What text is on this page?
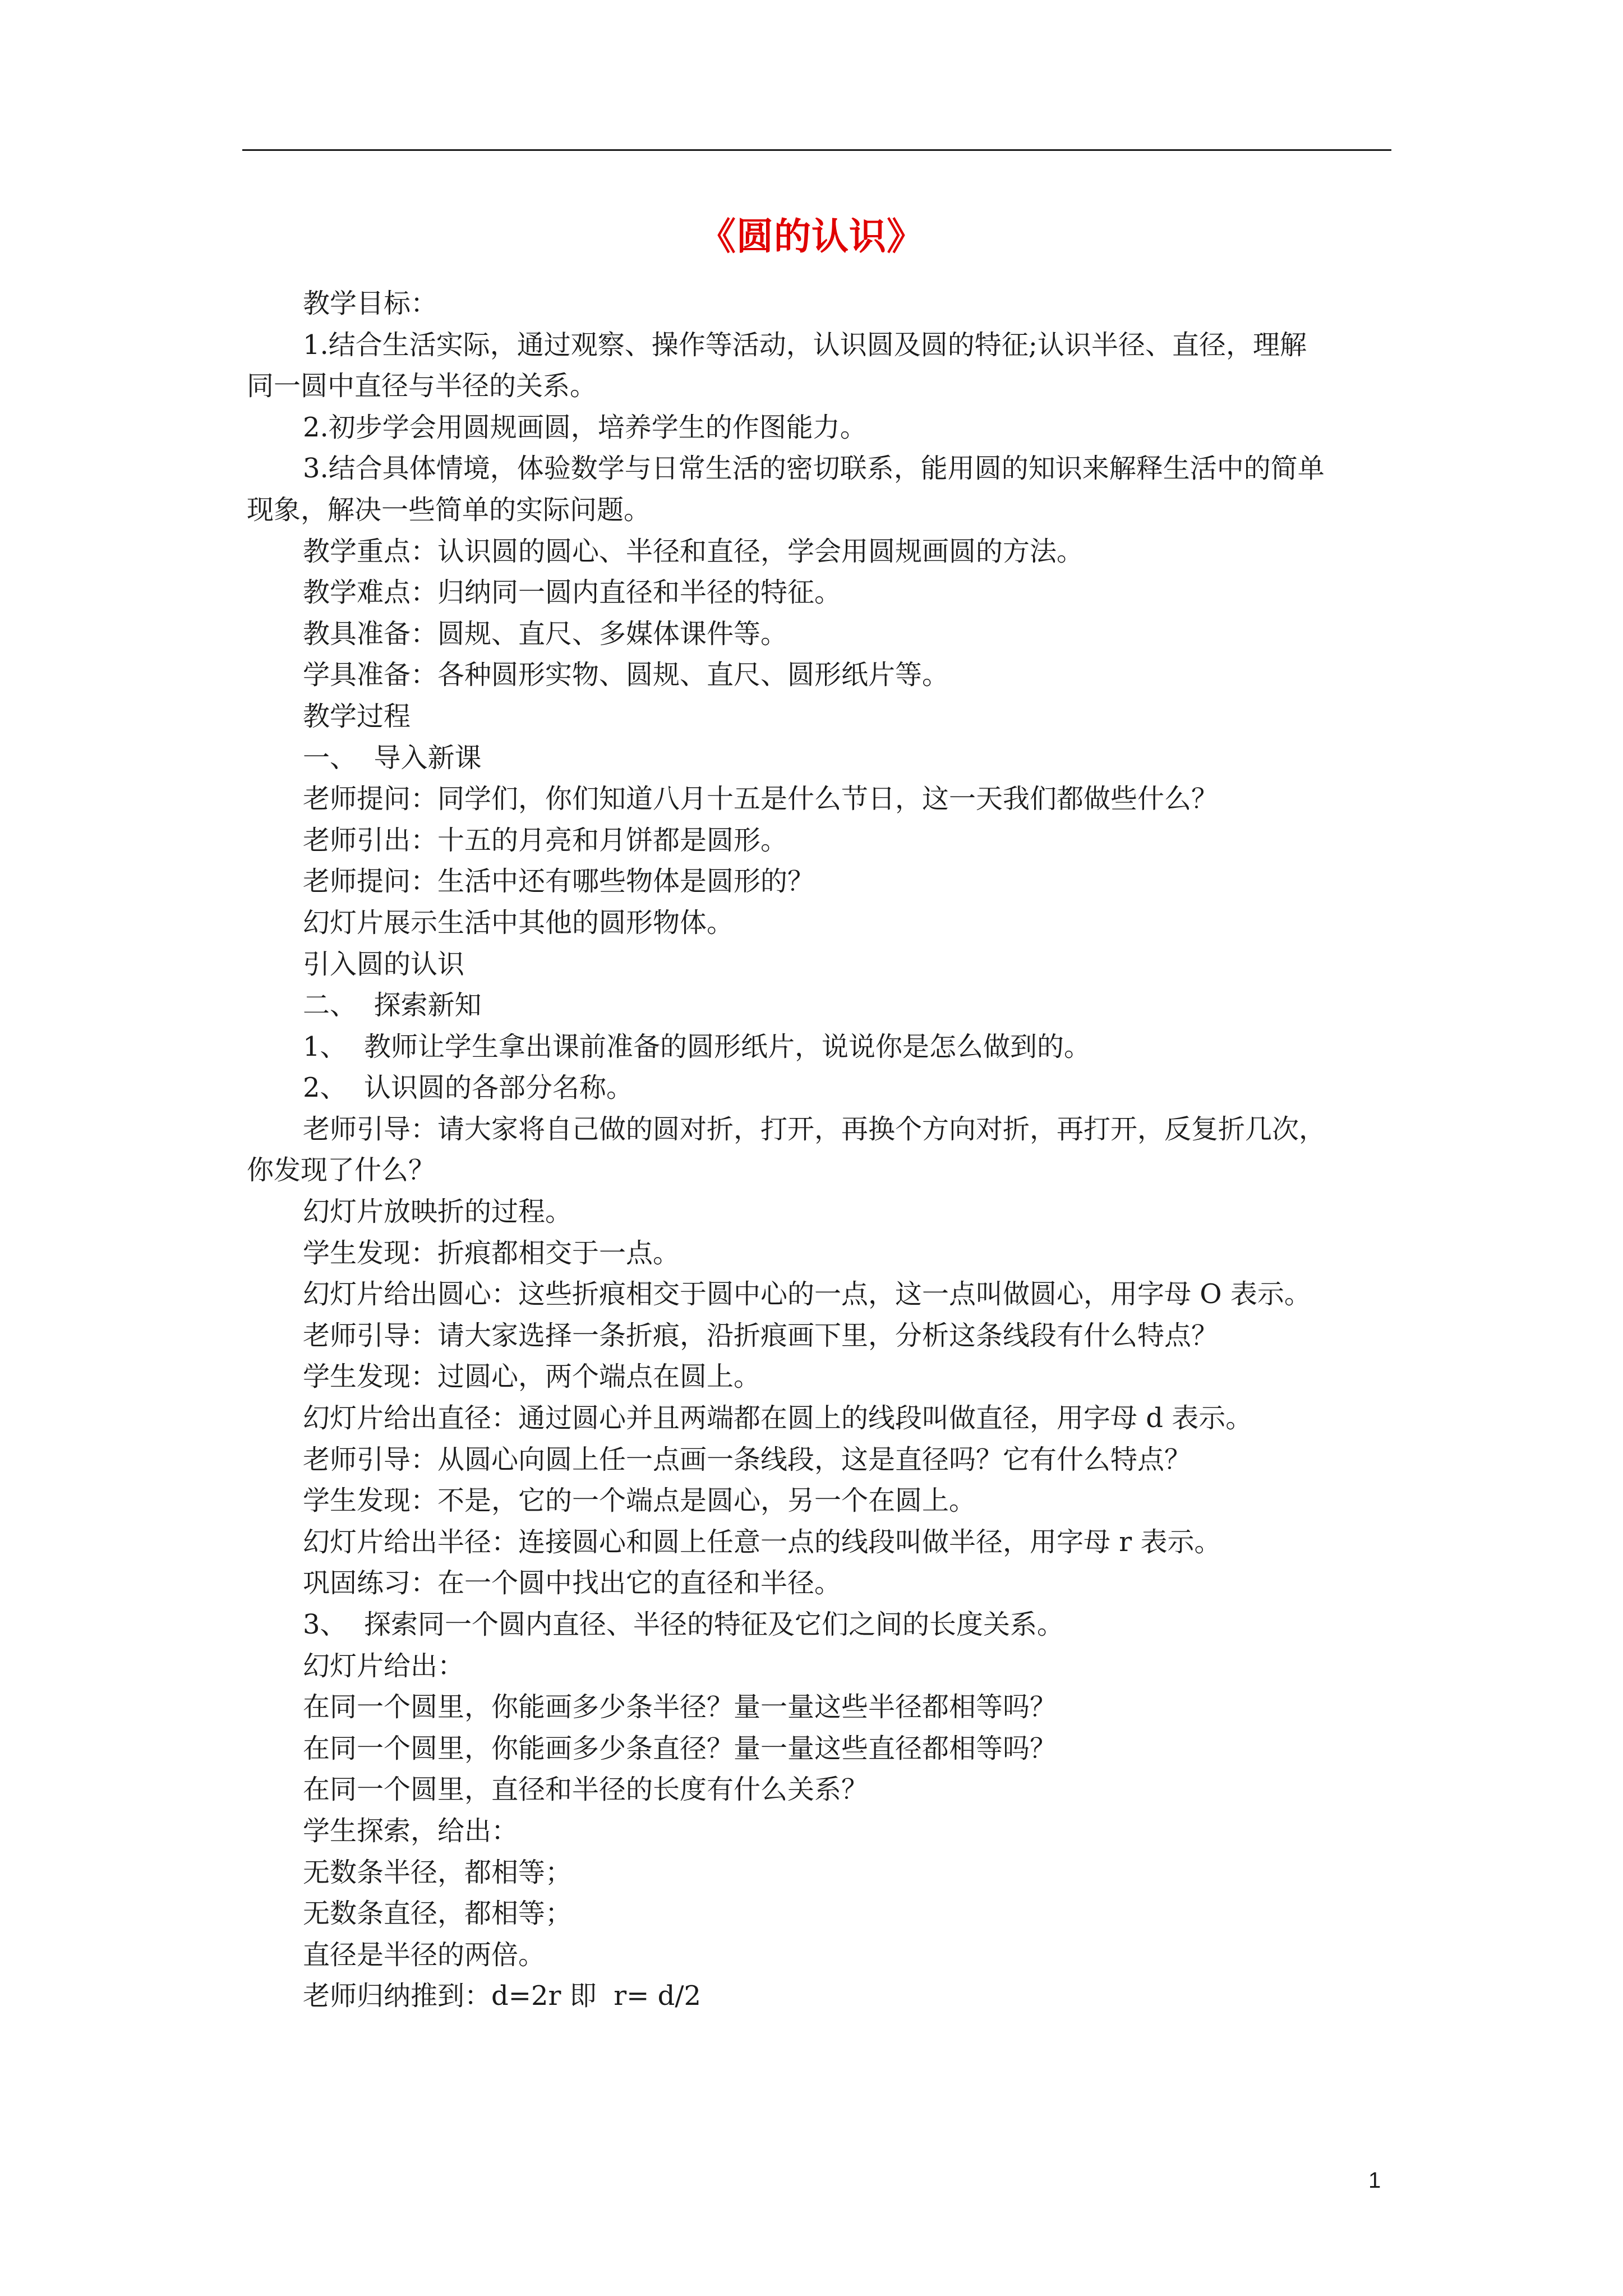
《圆的认识》
教学目标：
1.结合生活实际，通过观察、操作等活动，认识圆及圆的特征;认识半径、直径，理解
同一圆中直径与半径的关系。
2.初步学会用圆规画圆，培养学生的作图能力。
3.结合具体情境，体验数学与日常生活的密切联系，能用圆的知识来解释生活中的简单
现象，解决一些简单的实际问题。
教学重点：认识圆的圆心、半径和直径，学会用圆规画圆的方法。
教学难点：归纳同一圆内直径和半径的特征。
教具准备：圆规、直尺、多媒体课件等。
学具准备：各种圆形实物、圆规、直尺、圆形纸片等。
教学过程
一、  导入新课
老师提问：同学们，你们知道八月十五是什么节日，这一天我们都做些什么？
老师引出：十五的月亮和月饼都是圆形。
老师提问：生活中还有哪些物体是圆形的？
幻灯片展示生活中其他的圆形物体。
引入圆的认识
二、  探索新知
1、  教师让学生拿出课前准备的圆形纸片，说说你是怎么做到的。
2、  认识圆的各部分名称。
老师引导：请大家将自己做的圆对折，打开，再换个方向对折，再打开，反复折几次，
你发现了什么？
幻灯片放映折的过程。
学生发现：折痕都相交于一点。
幻灯片给出圆心：这些折痕相交于圆中心的一点，这一点叫做圆心，用字母 O 表示。
老师引导：请大家选择一条折痕，沿折痕画下里，分析这条线段有什么特点？
学生发现：过圆心，两个端点在圆上。
幻灯片给出直径：通过圆心并且两端都在圆上的线段叫做直径，用字母 d 表示。
老师引导：从圆心向圆上任一点画一条线段，这是直径吗？它有什么特点？
学生发现：不是，它的一个端点是圆心，另一个在圆上。
幻灯片给出半径：连接圆心和圆上任意一点的线段叫做半径，用字母 r 表示。
巩固练习：在一个圆中找出它的直径和半径。
3、  探索同一个圆内直径、半径的特征及它们之间的长度关系。
幻灯片给出：
在同一个圆里，你能画多少条半径？量一量这些半径都相等吗？
在同一个圆里，你能画多少条直径？量一量这些直径都相等吗？
在同一个圆里，直径和半径的长度有什么关系？
学生探索，给出：
无数条半径，都相等；
无数条直径，都相等；
直径是半径的两倍。
老师归纳推到：d=2r 即  r= d/2
1
